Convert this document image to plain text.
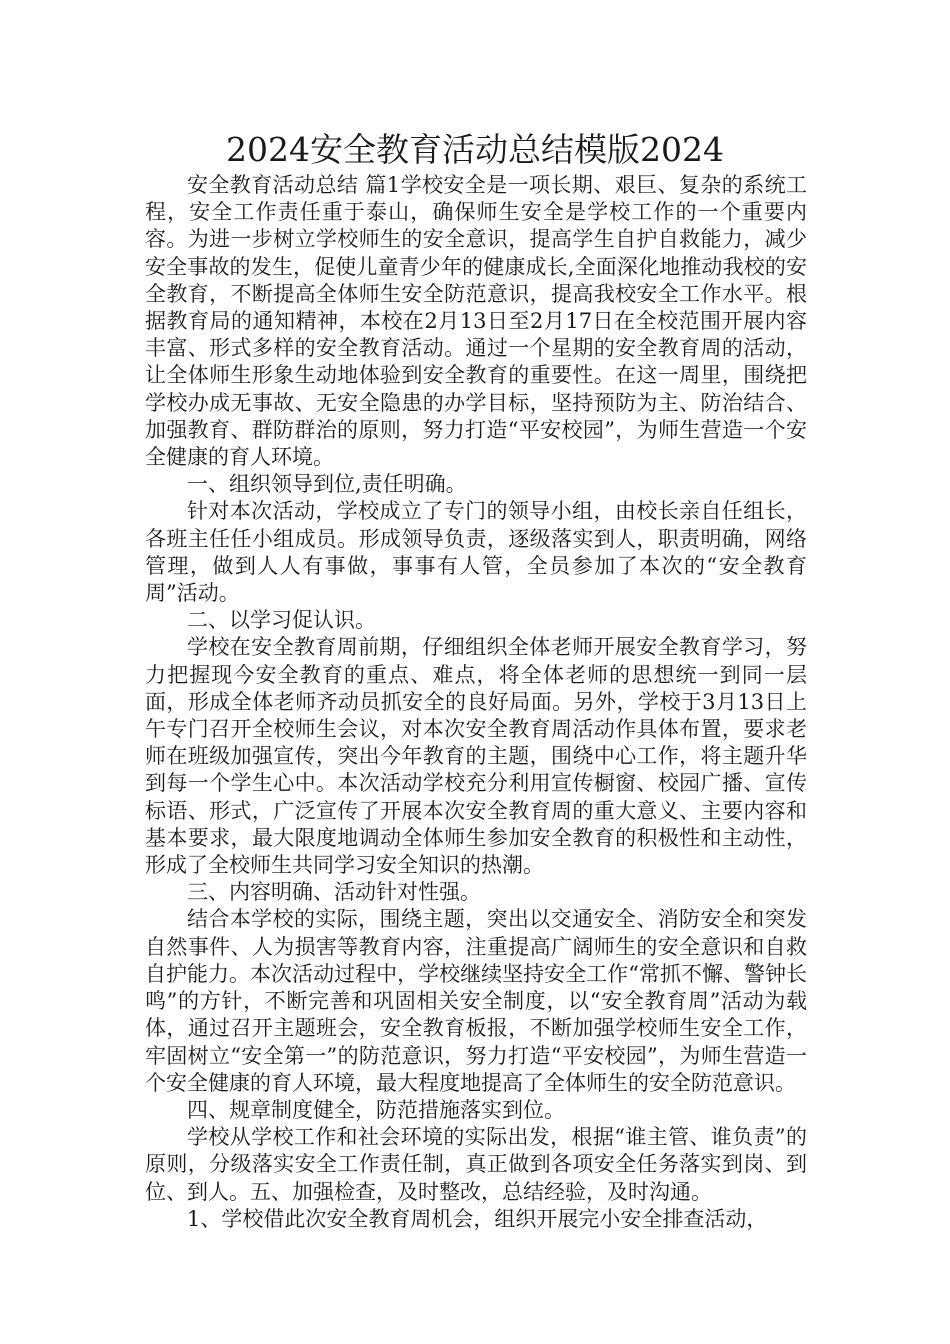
2024安全教育活动总结模版2024

安全教育活动总结 篇1学校安全是一项长期、艰巨、复杂的系统工程，安全工作责任重于泰山，确保师生安全是学校工作的一个重要内容。为进一步树立学校师生的安全意识，提高学生自护自救能力，减少安全事故的发生，促使儿童青少年的健康成长,全面深化地推动我校的安全教育，不断提高全体师生安全防范意识，提高我校安全工作水平。根据教育局的通知精神，本校在2月13日至2月17日在全校范围开展内容丰富、形式多样的安全教育活动。通过一个星期的安全教育周的活动，让全体师生形象生动地体验到安全教育的重要性。在这一周里，围绕把学校办成无事故、无安全隐患的办学目标，坚持预防为主、防治结合、加强教育、群防群治的原则，努力打造“平安校园”，为师生营造一个安全健康的育人环境。

一、组织领导到位,责任明确。

针对本次活动，学校成立了专门的领导小组，由校长亲自任组长，各班主任任小组成员。形成领导负责，逐级落实到人，职责明确，网络管理，做到人人有事做，事事有人管，全员参加了本次的“安全教育周”活动。

二、以学习促认识。

学校在安全教育周前期，仔细组织全体老师开展安全教育学习，努力把握现今安全教育的重点、难点，将全体老师的思想统一到同一层面，形成全体老师齐动员抓安全的良好局面。另外，学校于3月13日上午专门召开全校师生会议，对本次安全教育周活动作具体布置，要求老师在班级加强宣传，突出今年教育的主题，围绕中心工作，将主题升华到每一个学生心中。本次活动学校充分利用宣传橱窗、校园广播、宣传标语、形式，广泛宣传了开展本次安全教育周的重大意义、主要内容和基本要求，最大限度地调动全体师生参加安全教育的积极性和主动性，形成了全校师生共同学习安全知识的热潮。

三、内容明确、活动针对性强。

结合本学校的实际，围绕主题，突出以交通安全、消防安全和突发自然事件、人为损害等教育内容，注重提高广阔师生的安全意识和自救自护能力。本次活动过程中，学校继续坚持安全工作“常抓不懈、警钟长鸣”的方针，不断完善和巩固相关安全制度，以“安全教育周”活动为载体，通过召开主题班会，安全教育板报，不断加强学校师生安全工作，牢固树立“安全第一”的防范意识，努力打造“平安校园”，为师生营造一个安全健康的育人环境，最大程度地提高了全体师生的安全防范意识。

四、规章制度健全，防范措施落实到位。

学校从学校工作和社会环境的实际出发，根据“谁主管、谁负责”的原则，分级落实安全工作责任制，真正做到各项安全任务落实到岗、到位、到人。五、加强检查，及时整改，总结经验，及时沟通。

1、学校借此次安全教育周机会，组织开展完小安全排查活动，
